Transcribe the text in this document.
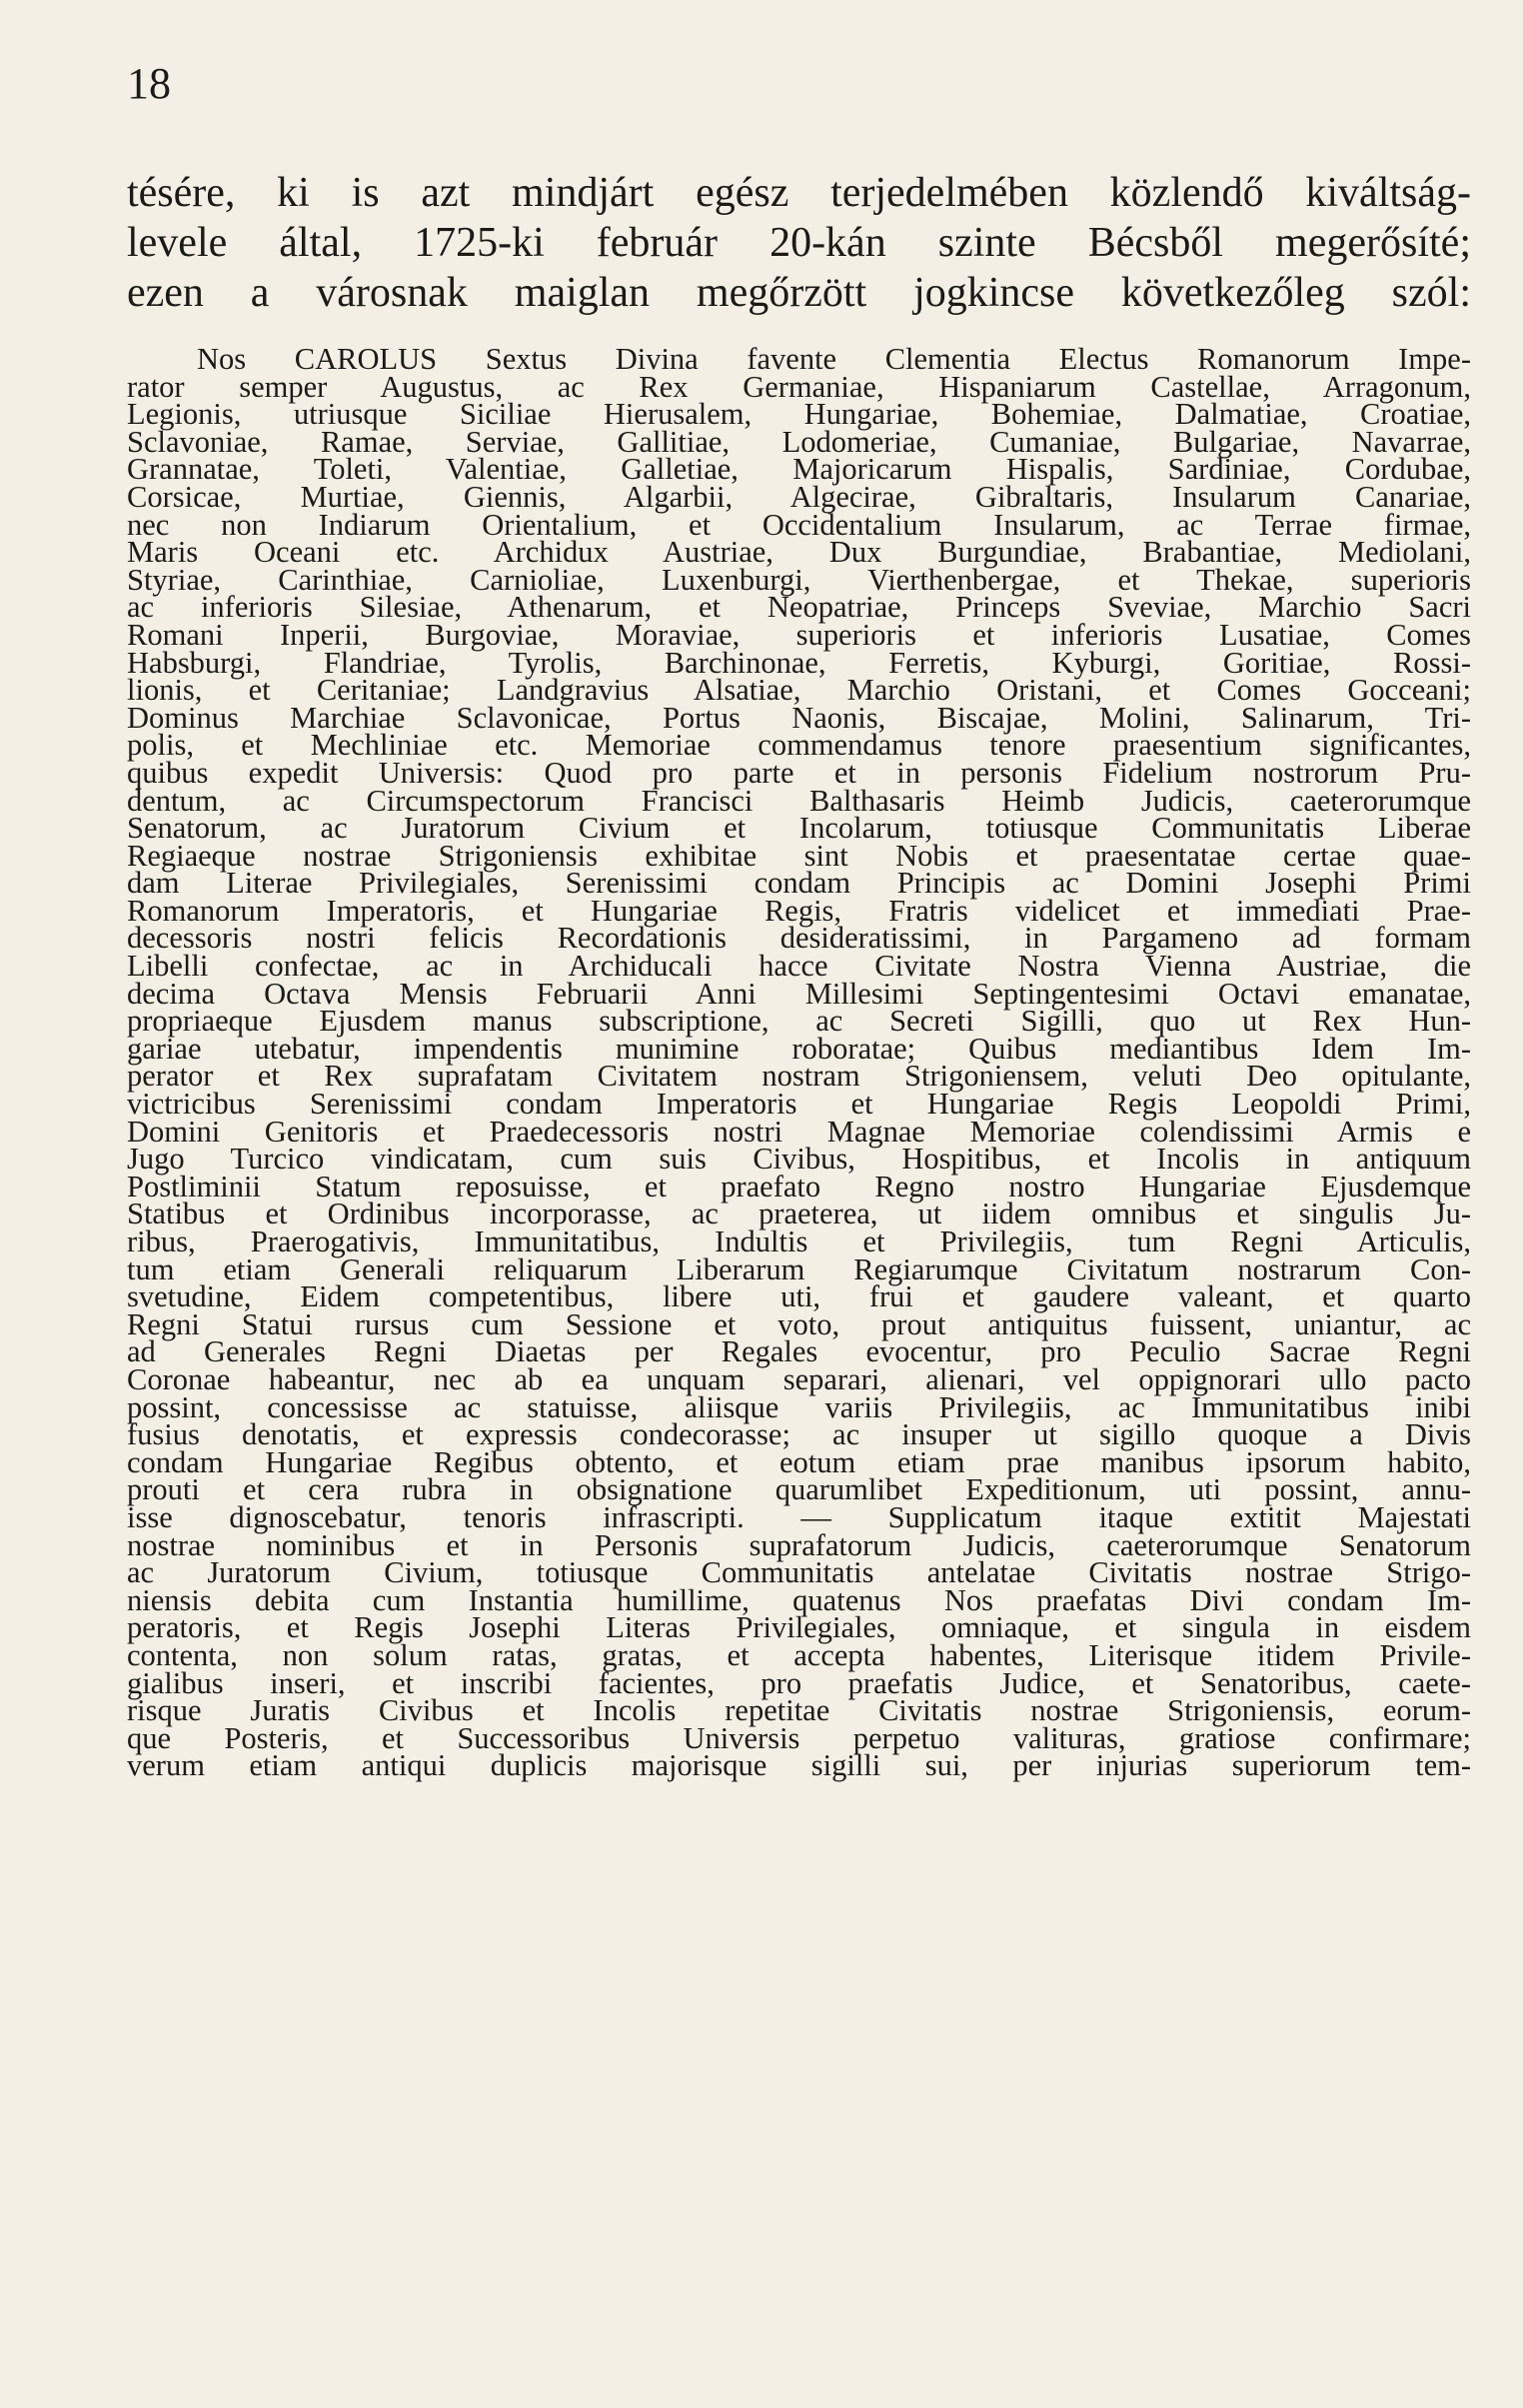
18
tésére, ki is azt mindjárt egész terjedelmében közlendő kiváltság-
levele által, 1725-ki február 20-kán szinte Bécsből megerősíté;
ezen a városnak maiglan megőrzött jogkincse következőleg szól:
Nos CAROLUS Sextus Divina favente Clementia Electus Romanorum Impe-
rator semper Augustus, ac Rex Germaniae, Hispaniarum Castellae, Arragonum,
Legionis, utriusque Siciliae Hierusalem, Hungariae, Bohemiae, Dalmatiae, Croatiae,
Sclavoniae, Ramae, Serviae, Gallitiae, Lodomeriae, Cumaniae, Bulgariae, Navarrae,
Grannatae, Toleti, Valentiae, Galletiae, Majoricarum Hispalis, Sardiniae, Cordubae,
Corsicae, Murtiae, Giennis, Algarbii, Algecirae, Gibraltaris, Insularum Canariae,
nec non Indiarum Orientalium, et Occidentalium Insularum, ac Terrae firmae,
Maris Oceani etc. Archidux Austriae, Dux Burgundiae, Brabantiae, Mediolani,
Styriae, Carinthiae, Carnioliae, Luxenburgi, Vierthenbergae, et Thekae, superioris
ac inferioris Silesiae, Athenarum, et Neopatriae, Princeps Sveviae, Marchio Sacri
Romani Inperii, Burgoviae, Moraviae, superioris et inferioris Lusatiae, Comes
Habsburgi, Flandriae, Tyrolis, Barchinonae, Ferretis, Kyburgi, Goritiae, Rossi-
lionis, et Ceritaniae; Landgravius Alsatiae, Marchio Oristani, et Comes Gocceani;
Dominus Marchiae Sclavonicae, Portus Naonis, Biscajae, Molini, Salinarum, Tri-
polis, et Mechliniae etc. Memoriae commendamus tenore praesentium significantes,
quibus expedit Universis: Quod pro parte et in personis Fidelium nostrorum Pru-
dentum, ac Circumspectorum Francisci Balthasaris Heimb Judicis, caeterorumque
Senatorum, ac Juratorum Civium et Incolarum, totiusque Communitatis Liberae
Regiaeque nostrae Strigoniensis exhibitae sint Nobis et praesentatae certae quae-
dam Literae Privilegiales, Serenissimi condam Principis ac Domini Josephi Primi
Romanorum Imperatoris, et Hungariae Regis, Fratris videlicet et immediati Prae-
decessoris nostri felicis Recordationis desideratissimi, in Pargameno ad formam
Libelli confectae, ac in Archiducali hacce Civitate Nostra Vienna Austriae, die
decima Octava Mensis Februarii Anni Millesimi Septingentesimi Octavi emanatae,
propriaeque Ejusdem manus subscriptione, ac Secreti Sigilli, quo ut Rex Hun-
gariae utebatur, impendentis munimine roboratae; Quibus mediantibus Idem Im-
perator et Rex suprafatam Civitatem nostram Strigoniensem, veluti Deo opitulante,
victricibus Serenissimi condam Imperatoris et Hungariae Regis Leopoldi Primi,
Domini Genitoris et Praedecessoris nostri Magnae Memoriae colendissimi Armis e
Jugo Turcico vindicatam, cum suis Civibus, Hospitibus, et Incolis in antiquum
Postliminii Statum reposuisse, et praefato Regno nostro Hungariae Ejusdemque
Statibus et Ordinibus incorporasse, ac praeterea, ut iidem omnibus et singulis Ju-
ribus, Praerogativis, Immunitatibus, Indultis et Privilegiis, tum Regni Articulis,
tum etiam Generali reliquarum Liberarum Regiarumque Civitatum nostrarum Con-
svetudine, Eidem competentibus, libere uti, frui et gaudere valeant, et quarto
Regni Statui rursus cum Sessione et voto, prout antiquitus fuissent, uniantur, ac
ad Generales Regni Diaetas per Regales evocentur, pro Peculio Sacrae Regni
Coronae habeantur, nec ab ea unquam separari, alienari, vel oppignorari ullo pacto
possint, concessisse ac statuisse, aliisque variis Privilegiis, ac Immunitatibus inibi
fusius denotatis, et expressis condecorasse; ac insuper ut sigillo quoque a Divis
condam Hungariae Regibus obtento, et eotum etiam prae manibus ipsorum habito,
prouti et cera rubra in obsignatione quarumlibet Expeditionum, uti possint, annu-
isse dignoscebatur, tenoris infrascripti. — Supplicatum itaque extitit Majestati
nostrae nominibus et in Personis suprafatorum Judicis, caeterorumque Senatorum
ac Juratorum Civium, totiusque Communitatis antelatae Civitatis nostrae Strigo-
niensis debita cum Instantia humillime, quatenus Nos praefatas Divi condam Im-
peratoris, et Regis Josephi Literas Privilegiales, omniaque, et singula in eisdem
contenta, non solum ratas, gratas, et accepta habentes, Literisque itidem Privile-
gialibus inseri, et inscribi facientes, pro praefatis Judice, et Senatoribus, caete-
risque Juratis Civibus et Incolis repetitae Civitatis nostrae Strigoniensis, eorum-
que Posteris, et Successoribus Universis perpetuo valituras, gratiose confirmare;
verum etiam antiqui duplicis majorisque sigilli sui, per injurias superiorum tem-
